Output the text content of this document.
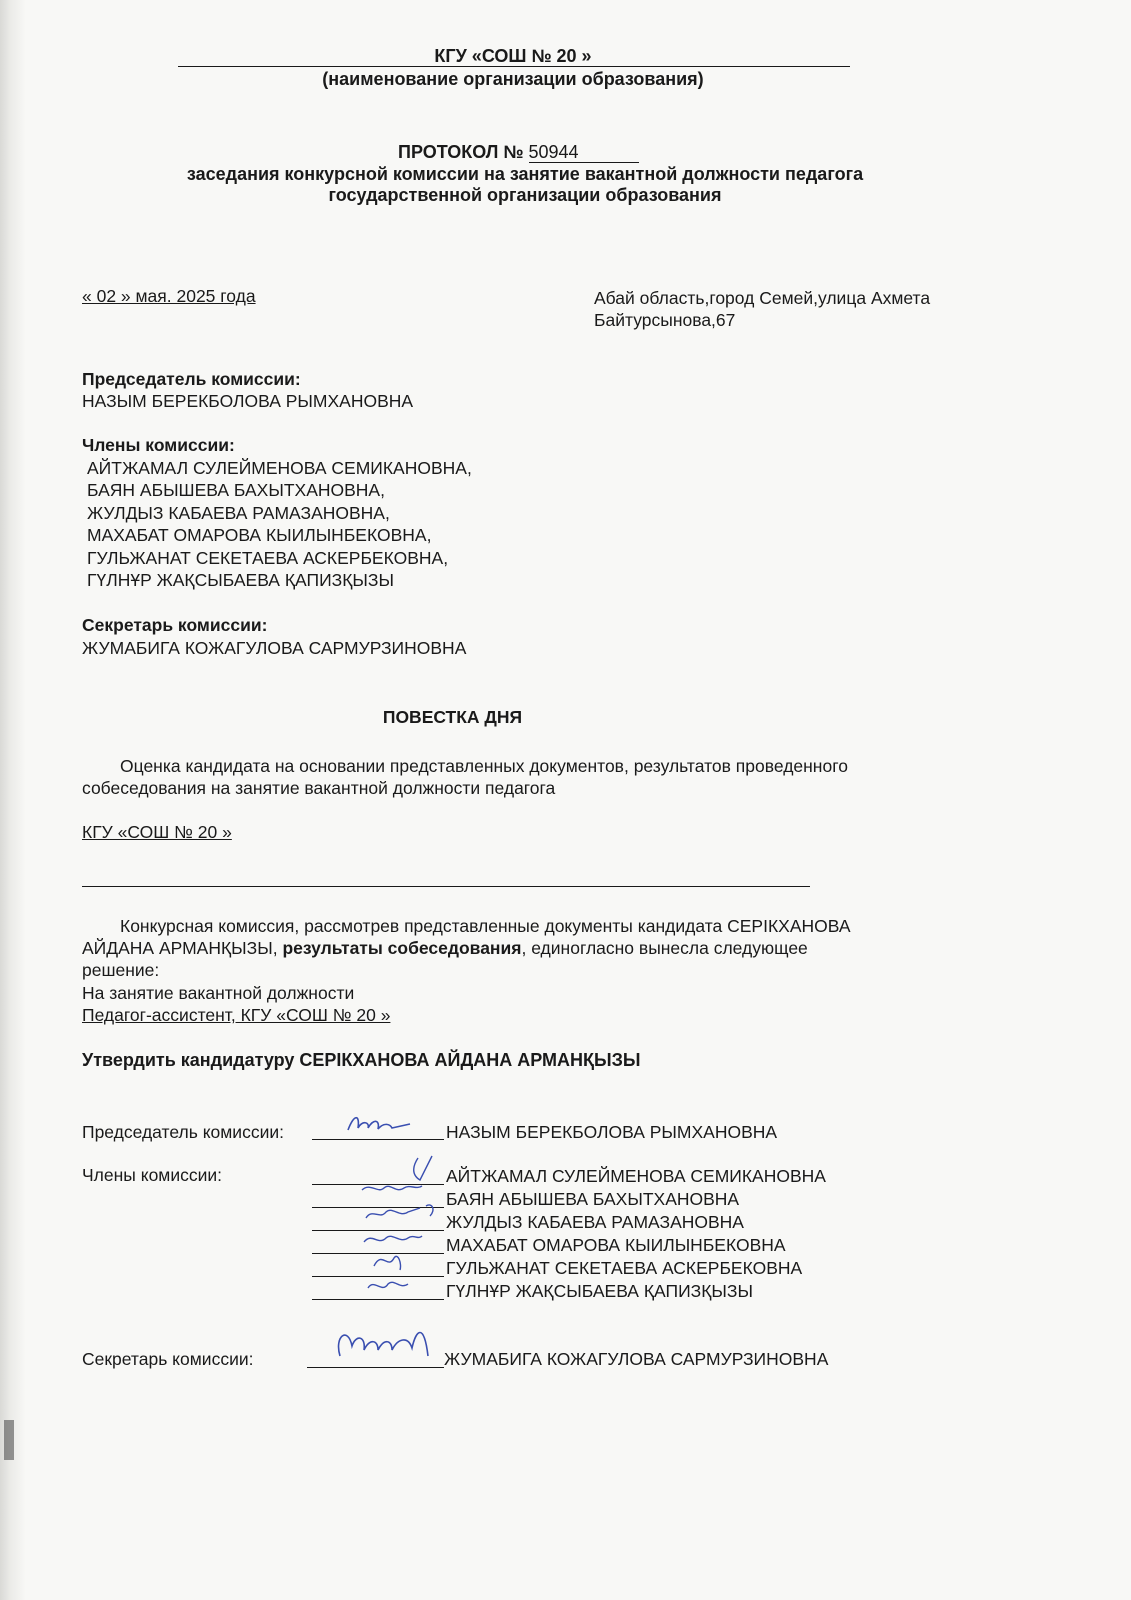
КГУ «СОШ № 20 »
(наименование организации образования)
ПРОТОКОЛ № 50944
заседания конкурсной комиссии на занятие вакантной должности педагога
государственной организации образования
« 02 » мая. 2025 года	Абай область,город Семей,улица Ахмета
Байтурсынова,67
Председатель комиссии:
НАЗЫМ БЕРЕКБОЛОВА РЫМХАНОВНА
Члены комиссии:
АЙТЖАМАЛ СУЛЕЙМЕНОВА СЕМИКАНОВНА,
БАЯН АБЫШЕВА БАХЫТХАНОВНА,
ЖУЛДЫЗ КАБАЕВА РАМАЗАНОВНА,
МАХАБАТ ОМАРОВА КЫИЛЫНБЕКОВНА,
ГУЛЬЖАНАТ СЕКЕТАЕВА АСКЕРБЕКОВНА,
ГҮЛНҰР ЖАҚСЫБАЕВА ҚАПИЗҚЫЗЫ
Секретарь комиссии:
ЖУМАБИГА КОЖАГУЛОВА САРМУРЗИНОВНА
ПОВЕСТКА ДНЯ
Оценка кандидата на основании представленных документов, результатов проведенного
собеседования на занятие вакантной должности педагога
КГУ «СОШ № 20 »
Конкурсная комиссия, рассмотрев представленные документы кандидата СЕРІКХАНОВА
АЙДАНА АРМАНҚЫЗЫ, результаты собеседования, единогласно вынесла следующее
решение:
На занятие вакантной должности
Педагог-ассистент, КГУ «СОШ № 20 »
Утвердить кандидатуру СЕРІКХАНОВА АЙДАНА АРМАНҚЫЗЫ
Председатель комиссии:	НАЗЫМ БЕРЕКБОЛОВА РЫМХАНОВНА
Члены комиссии:	АЙТЖАМАЛ СУЛЕЙМЕНОВА СЕМИКАНОВНА
БАЯН АБЫШЕВА БАХЫТХАНОВНА
ЖУЛДЫЗ КАБАЕВА РАМАЗАНОВНА
МАХАБАТ ОМАРОВА КЫИЛЫНБЕКОВНА
ГУЛЬЖАНАТ СЕКЕТАЕВА АСКЕРБЕКОВНА
ГҮЛНҰР ЖАҚСЫБАЕВА ҚАПИЗҚЫЗЫ
Секретарь комиссии:	ЖУМАБИГА КОЖАГУЛОВА САРМУРЗИНОВНА
